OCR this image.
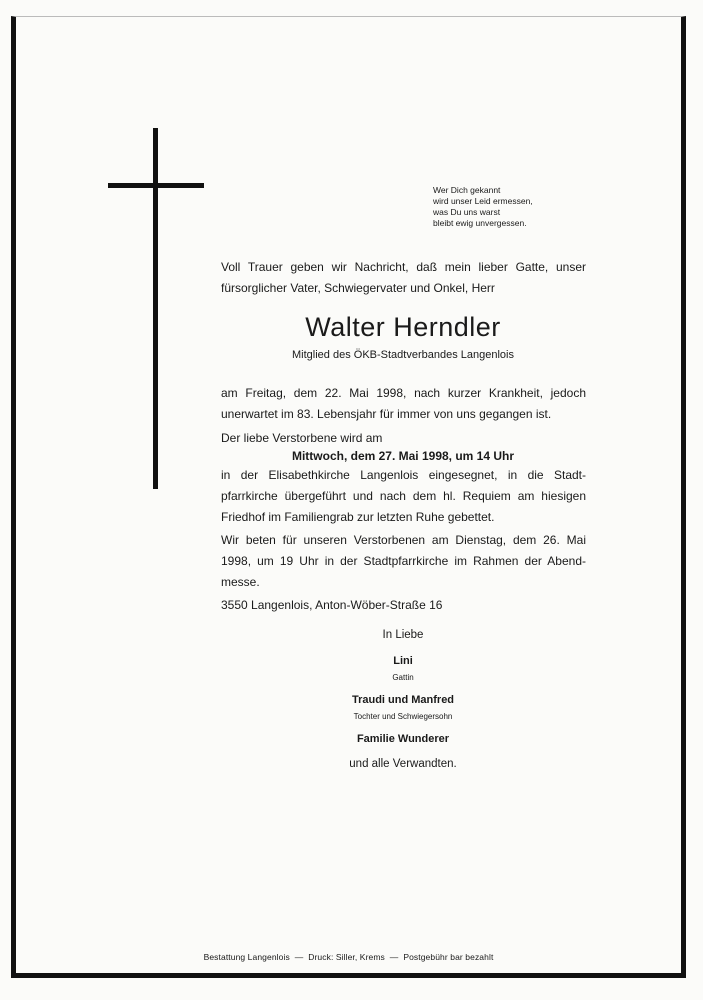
Wer Dich gekannt
wird unser Leid ermessen,
was Du uns warst
bleibt ewig unvergessen.
Voll Trauer geben wir Nachricht, daß mein lieber Gatte, unser
fürsorglicher Vater, Schwiegervater und Onkel, Herr
Walter Herndler
Mitglied des ÖKB-Stadtverbandes Langenlois
am Freitag, dem 22. Mai 1998, nach kurzer Krankheit, jedoch
unerwartet im 83. Lebensjahr für immer von uns gegangen ist.
Der liebe Verstorbene wird am
Mittwoch, dem 27. Mai 1998, um 14 Uhr
in der Elisabethkirche Langenlois eingesegnet, in die Stadt-
pfarrkirche übergeführt und nach dem hl. Requiem am hiesigen
Friedhof im Familiengrab zur letzten Ruhe gebettet.
Wir beten für unseren Verstorbenen am Dienstag, dem 26. Mai
1998, um 19 Uhr in der Stadtpfarrkirche im Rahmen der Abend-
messe.
3550 Langenlois, Anton-Wöber-Straße 16
In Liebe
Lini
Gattin
Traudi und Manfred
Tochter und Schwiegersohn
Familie Wunderer
und alle Verwandten.
Bestattung Langenlois  —  Druck: Siller, Krems  —  Postgebühr bar bezahlt
